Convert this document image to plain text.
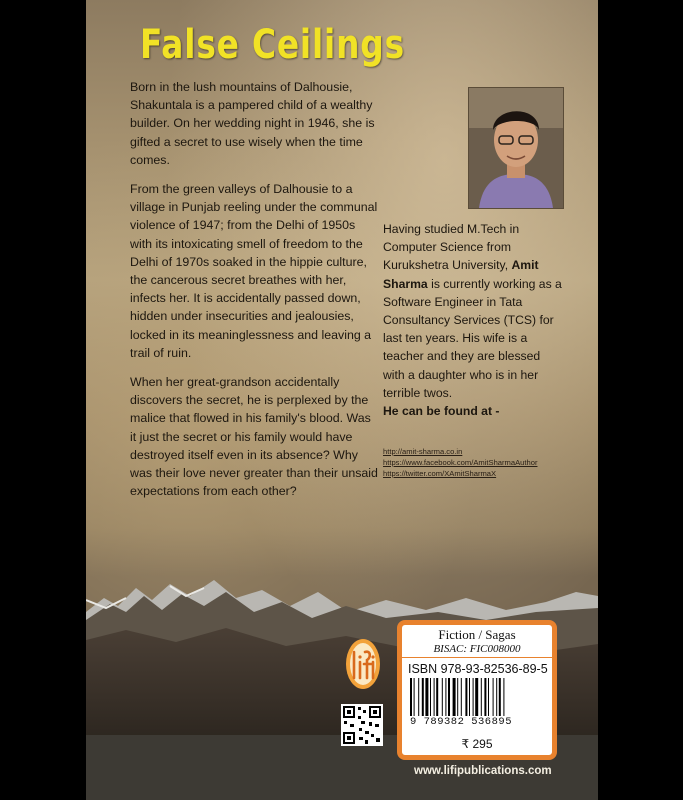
False Ceilings

Born in the lush mountains of Dalhousie, Shakuntala is a pampered child of a wealthy builder. On her wedding night in 1946, she is gifted a secret to use wisely when the time comes.

From the green valleys of Dalhousie to a village in Punjab reeling under the communal violence of 1947; from the Delhi of 1950s with its intoxicating smell of freedom to the Delhi of 1970s soaked in the hippie culture, the cancerous secret breathes with her, infects her. It is accidentally passed down, hidden under insecurities and jealousies, locked in its meaninglessness and leaving a trail of ruin.

When her great-grandson accidentally discovers the secret, he is perplexed by the malice that flowed in his family's blood. Was it just the secret or his family would have destroyed itself even in its absence? Why was their love never greater than their unsaid expectations from each other?

Having studied M.Tech in Computer Science from Kurukshetra University, Amit Sharma is currently working as a Software Engineer in Tata Consultancy Services (TCS) for last ten years. His wife is a teacher and they are blessed with a daughter who is in her terrible twos.

He can be found at -

http://amit-sharma.co.in
https://www.facebook.com/AmitSharmaAuthor
https://twitter.com/XAmitSharmaX
Fiction / Sagas
BISAC: FIC008000
ISBN 978-93-82536-89-5
9 789382 536895
₹ 295
www.lifipublications.com
